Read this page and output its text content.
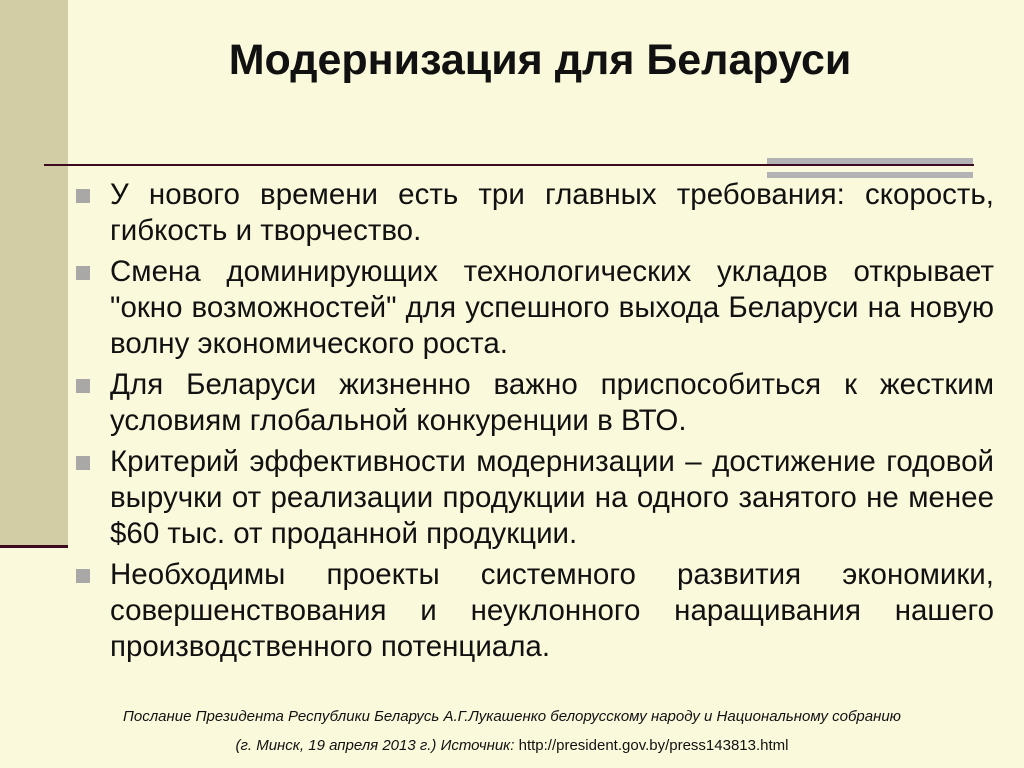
Модернизация для Беларуси
У нового времени есть три главных требования: скорость, гибкость и творчество.
Смена доминирующих технологических укладов открывает "окно возможностей" для успешного выхода Беларуси на новую волну экономического роста.
Для Беларуси жизненно важно приспособиться к жестким условиям глобальной конкуренции в ВТО.
Критерий эффективности модернизации – достижение годовой выручки от реализации продукции на одного занятого не менее $60 тыс. от проданной продукции.
Необходимы проекты системного развития экономики, совершенствования и неуклонного наращивания нашего производственного потенциала.
Послание Президента Республики Беларусь А.Г.Лукашенко белорусскому народу и Национальному собранию
(г. Минск, 19 апреля 2013 г.) Источник: http://president.gov.by/press143813.html
